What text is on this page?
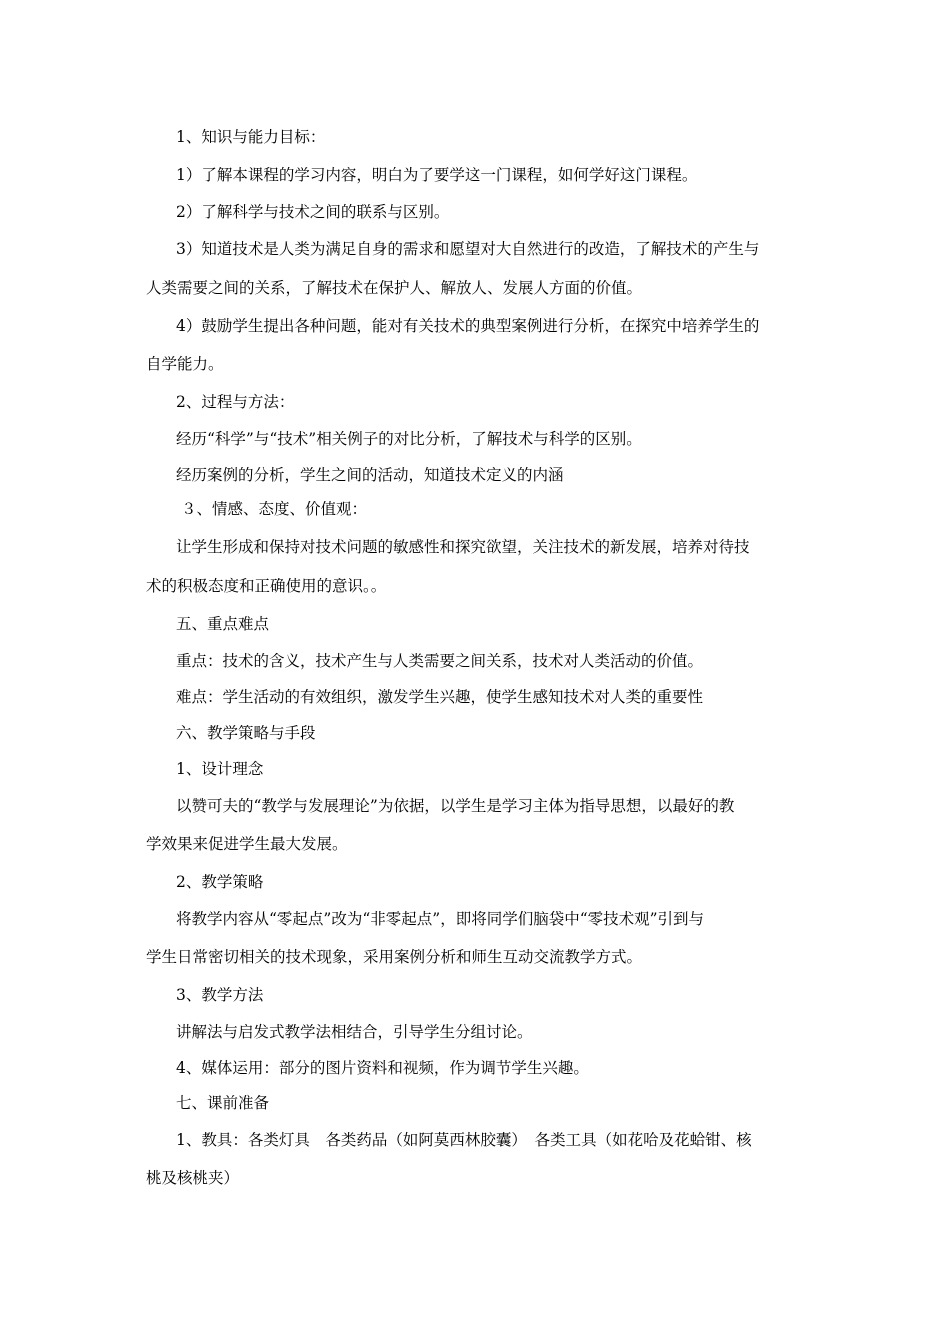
1、知识与能力目标：
1）了解本课程的学习内容，明白为了要学这一门课程，如何学好这门课程。
2）了解科学与技术之间的联系与区别。
3）知道技术是人类为满足自身的需求和愿望对大自然进行的改造，了解技术的产生与
人类需要之间的关系，了解技术在保护人、解放人、发展人方面的价值。
4）鼓励学生提出各种问题，能对有关技术的典型案例进行分析，在探究中培养学生的
自学能力。
2、过程与方法：
经历“科学”与“技术”相关例子的对比分析，了解技术与科学的区别。
经历案例的分析，学生之间的活动，知道技术定义的内涵
３、情感、态度、价值观：
让学生形成和保持对技术问题的敏感性和探究欲望，关注技术的新发展，培养对待技
术的积极态度和正确使用的意识。。
五、重点难点
重点：技术的含义，技术产生与人类需要之间关系，技术对人类活动的价值。
难点：学生活动的有效组织，激发学生兴趣，使学生感知技术对人类的重要性
六、教学策略与手段
1、设计理念
以赞可夫的“教学与发展理论”为依据，以学生是学习主体为指导思想，以最好的教
学效果来促进学生最大发展。
2、教学策略
将教学内容从“零起点”改为“非零起点”，即将同学们脑袋中“零技术观”引到与
学生日常密切相关的技术现象，采用案例分析和师生互动交流教学方式。
3、教学方法
讲解法与启发式教学法相结合，引导学生分组讨论。
4、媒体运用：部分的图片资料和视频，作为调节学生兴趣。
七、课前准备
1、教具：各类灯具　各类药品（如阿莫西林胶囊）　各类工具（如花哈及花蛤钳、核
桃及核桃夹）
